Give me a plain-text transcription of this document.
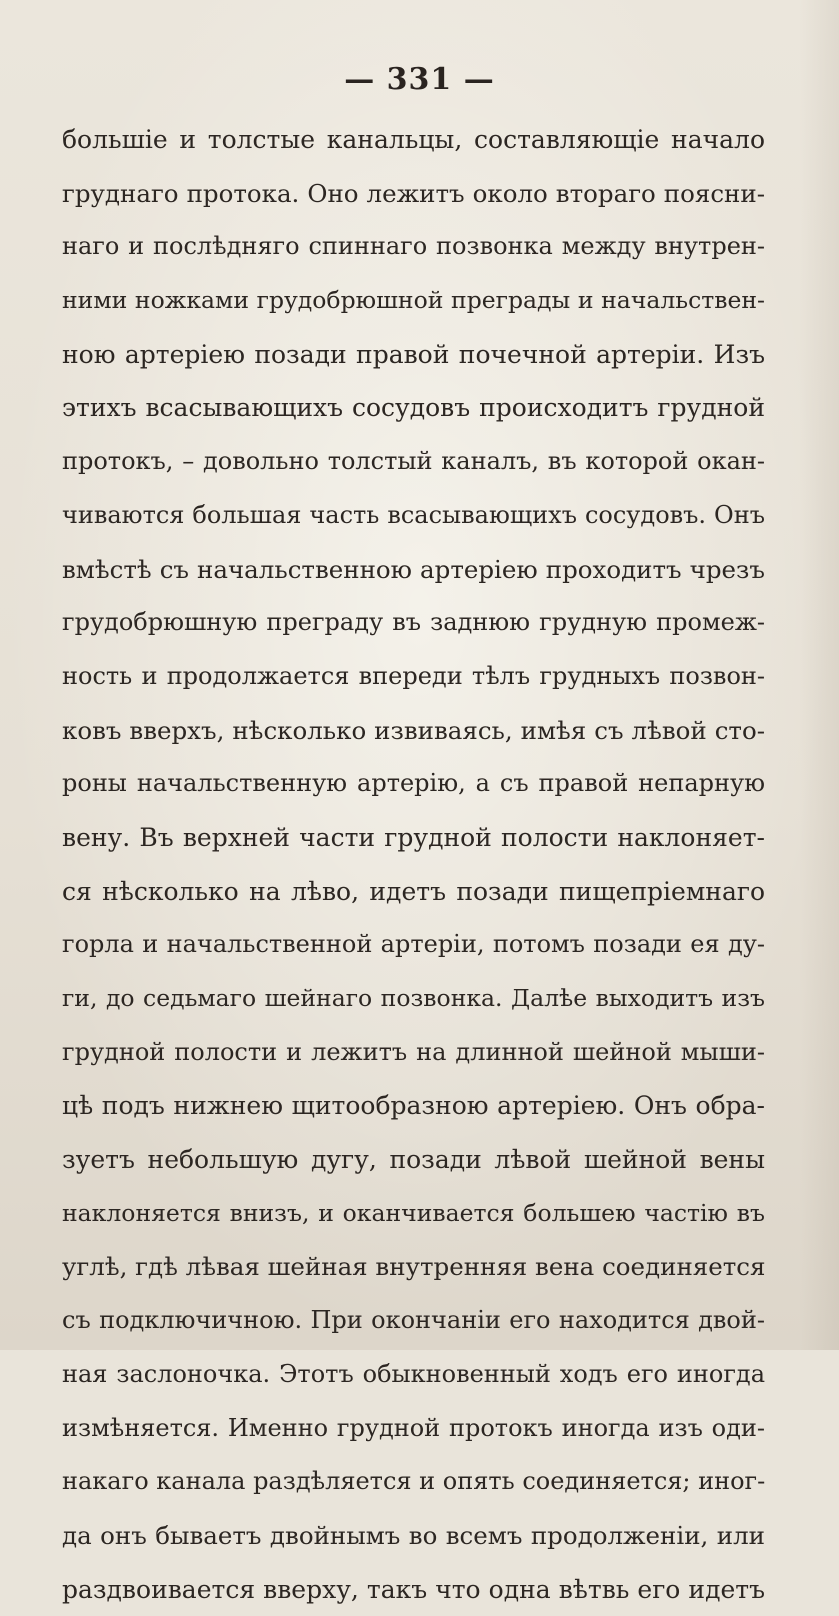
— 331 —
большіе и толстые канальцы, составляющіе начало
груднаго протока. Оно лежитъ около втораго поясни-
наго и послѣдняго спиннаго позвонка между внутрен-
ними ножками грудобрюшной преграды и начальствен-
ною артеріею позади правой почечной артеріи. Изъ
этихъ всасывающихъ сосудовъ происходитъ грудной
протокъ, – довольно толстый каналъ, въ которой окан-
чиваются большая часть всасывающихъ сосудовъ. Онъ
вмѣстѣ съ начальственною артеріею проходитъ чрезъ
грудобрюшную преграду въ заднюю грудную промеж-
ность и продолжается впереди тѣлъ грудныхъ позвон-
ковъ вверхъ, нѣсколько извиваясь, имѣя съ лѣвой сто-
роны начальственную артерію, а съ правой непарную
вену. Въ верхней части грудной полости наклоняет-
ся нѣсколько на лѣво, идетъ позади пищепріемнаго
горла и начальственной артеріи, потомъ позади ея ду-
ги, до седьмаго шейнаго позвонка. Далѣе выходитъ изъ
грудной полости и лежитъ на длинной шейной мыши-
цѣ подъ нижнею щитообразною артеріею. Онъ обра-
зуетъ небольшую дугу, позади лѣвой шейной вены
наклоняется внизъ, и оканчивается большею частію въ
углѣ, гдѣ лѣвая шейная внутренняя вена соединяется
съ подключичною. При окончаніи его находится двой-
ная заслоночка. Этотъ обыкновенный ходъ его иногда
измѣняется. Именно грудной протокъ иногда изъ оди-
накаго канала раздѣляется и опять соединяется; иног-
да онъ бываетъ двойнымъ во всемъ продолженіи, или
раздвоивается вверху, такъ что одна вѣтвь его идетъ
